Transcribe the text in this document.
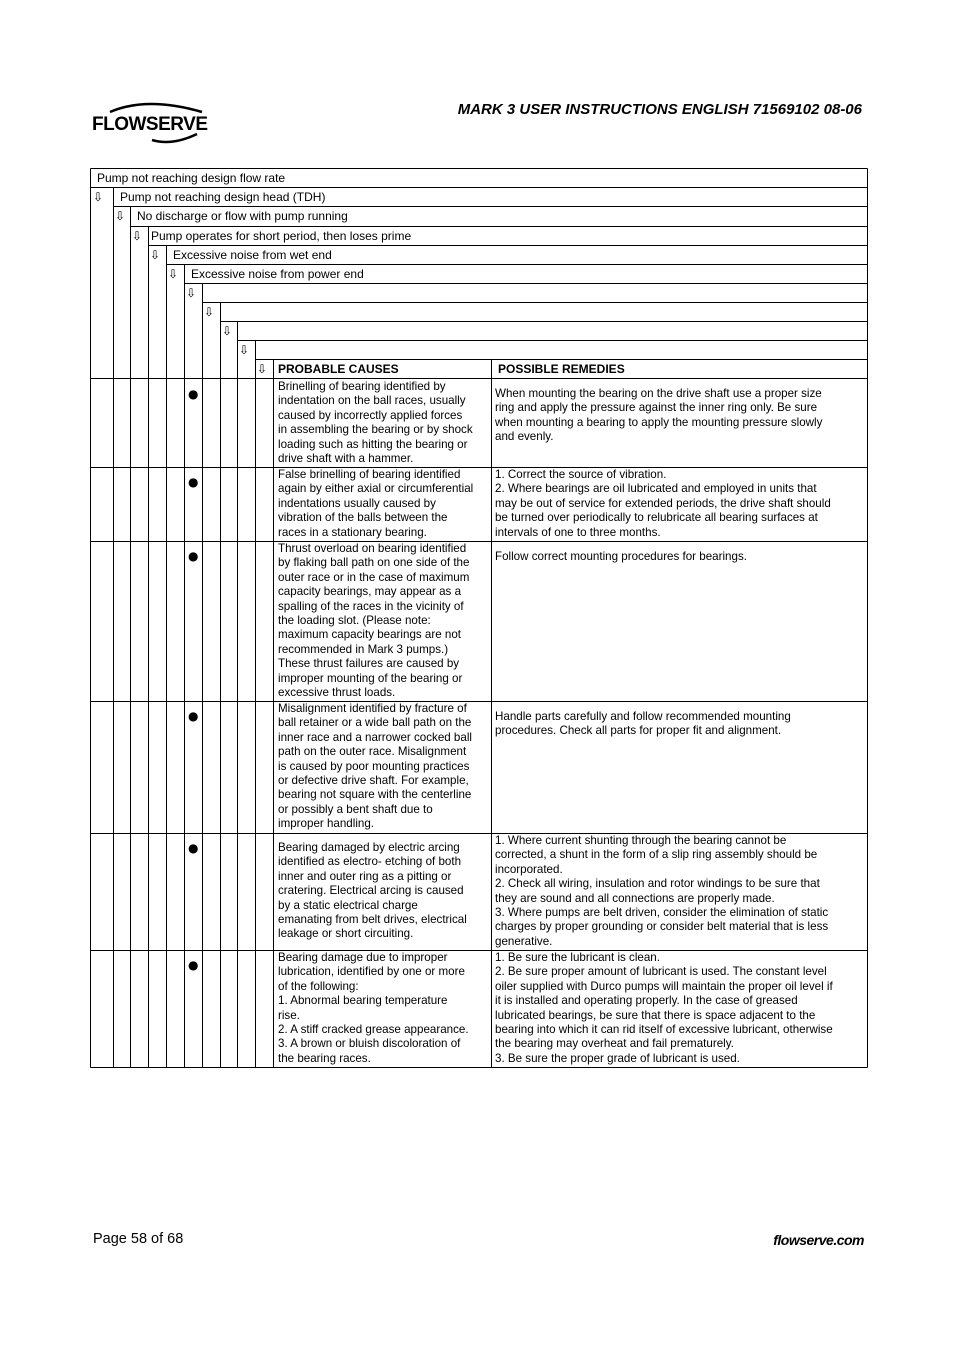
FLOWSERVE
MARK 3 USER INSTRUCTIONS ENGLISH 71569102 08-06
Pump not reaching design flow rate
Pump not reaching design head (TDH)
No discharge or flow with pump running
Pump operates for short period, then loses prime
Excessive noise from wet end
Excessive noise from power end
⇩
⇩
⇩
⇩
⇩
⇩
⇩
⇩
⇩
⇩ PROBABLE CAUSES	POSSIBLE REMEDIES
●
●
●
●
●
●
Brinelling of bearing identified by
indentation on the ball races, usually
caused by incorrectly applied forces
in assembling the bearing or by shock
loading such as hitting the bearing or
drive shaft with a hammer.
False brinelling of bearing identified
again by either axial or circumferential
indentations usually caused by
vibration of the balls between the
races in a stationary bearing.
Thrust overload on bearing identified
by flaking ball path on one side of the
outer race or in the case of maximum
capacity bearings, may appear as a
spalling of the races in the vicinity of
the loading slot. (Please note:
maximum capacity bearings are not
recommended in Mark 3 pumps.)
These thrust failures are caused by
improper mounting of the bearing or
excessive thrust loads.
Misalignment identified by fracture of
ball retainer or a wide ball path on the
inner race and a narrower cocked ball
path on the outer race. Misalignment
is caused by poor mounting practices
or defective drive shaft. For example,
bearing not square with the centerline
or possibly a bent shaft due to
improper handling.
Bearing damaged by electric arcing
identified as electro- etching of both
inner and outer ring as a pitting or
cratering. Electrical arcing is caused
by a static electrical charge
emanating from belt drives, electrical
leakage or short circuiting.
Bearing damage due to improper
lubrication, identified by one or more
of the following:
1. Abnormal bearing temperature
rise.
2. A stiff cracked grease appearance.
3. A brown or bluish discoloration of
the bearing races.
When mounting the bearing on the drive shaft use a proper size
ring and apply the pressure against the inner ring only. Be sure
when mounting a bearing to apply the mounting pressure slowly
and evenly.
1. Correct the source of vibration.
2. Where bearings are oil lubricated and employed in units that
may be out of service for extended periods, the drive shaft should
be turned over periodically to relubricate all bearing surfaces at
intervals of one to three months.
Follow correct mounting procedures for bearings.
Handle parts carefully and follow recommended mounting
procedures. Check all parts for proper fit and alignment.
1. Where current shunting through the bearing cannot be
corrected, a shunt in the form of a slip ring assembly should be
incorporated.
2. Check all wiring, insulation and rotor windings to be sure that
they are sound and all connections are properly made.
3. Where pumps are belt driven, consider the elimination of static
charges by proper grounding or consider belt material that is less
generative.
1. Be sure the lubricant is clean.
2. Be sure proper amount of lubricant is used. The constant level
oiler supplied with Durco pumps will maintain the proper oil level if
it is installed and operating properly. In the case of greased
lubricated bearings, be sure that there is space adjacent to the
bearing into which it can rid itself of excessive lubricant, otherwise
the bearing may overheat and fail prematurely.
3. Be sure the proper grade of lubricant is used.
Page 58 of 68	flowserve.com
